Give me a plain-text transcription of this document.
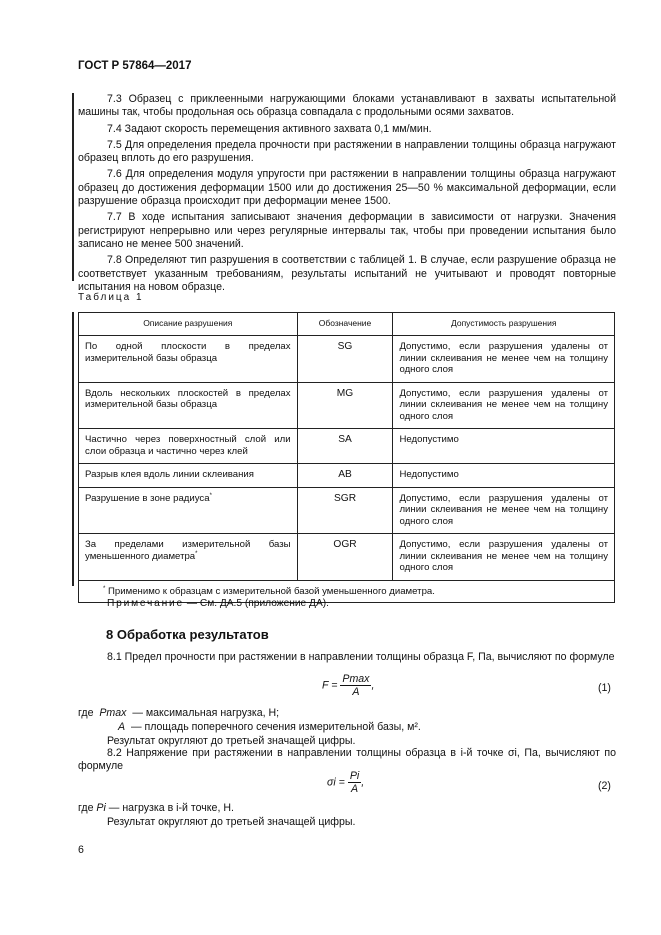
ГОСТ Р 57864—2017

7.3 Образец с приклеенными нагружающими блоками устанавливают в захваты испытательной машины так, чтобы продольная ось образца совпадала с продольными осями захватов.

7.4 Задают скорость перемещения активного захвата 0,1 мм/мин.

7.5 Для определения предела прочности при растяжении в направлении толщины образца нагружают образец вплоть до его разрушения.

7.6 Для определения модуля упругости при растяжении в направлении толщины образца нагружают образец до достижения деформации 1500 или до достижения 25—50 % максимальной деформации, если разрушение образца происходит при деформации менее 1500.

7.7 В ходе испытания записывают значения деформации в зависимости от нагрузки. Значения регистрируют непрерывно или через регулярные интервалы так, чтобы при проведении испытания было записано не менее 500 значений.

7.8 Определяют тип разрушения в соответствии с таблицей 1. В случае, если разрушение образца не соответствует указанным требованиям, результаты испытаний не учитывают и проводят повторные испытания на новом образце.

Таблица 1
Описание разрушения	Обозначение	Допустимость разрушения
По одной плоскости в пределах измерительной базы образца	SG	Допустимо, если разрушения удалены от линии склеивания не менее чем на толщину одного слоя
Вдоль нескольких плоскостей в пределах измерительной базы образца	MG	Допустимо, если разрушения удалены от линии склеивания не менее чем на толщину одного слоя
Частично через поверхностный слой или слои образца и частично через клей	SA	Недопустимо
Разрыв клея вдоль линии склеивания	AB	Недопустимо
Разрушение в зоне радиуса*	SGR	Допустимо, если разрушения удалены от линии склеивания не менее чем на толщину одного слоя
За пределами измерительной базы уменьшенного диаметра*	OGR	Допустимо, если разрушения удалены от линии склеивания не менее чем на толщину одного слоя
* Применимо к образцам с измерительной базой уменьшенного диаметра.		
Примечание — См. ДА.5 (приложение ДА).
8 Обработка результатов

8.1 Предел прочности при растяжении в направлении толщины образца F, Па, вычисляют по формуле

$F = \frac{Pmax}{A}$ ,	(1)
где Pmax — максимальная нагрузка, Н;
A — площадь поперечного сечения измерительной базы, м².
Результат округляют до третьей значащей цифры.

8.2 Напряжение при растяжении в направлении толщины образца в i-й точке σi, Па, вычисляют по формуле

$\sigma i = \frac{Pi}{A}$ ,	(2)
где Pi — нагрузка в i-й точке, Н.
Результат округляют до третьей значащей цифры.
6
